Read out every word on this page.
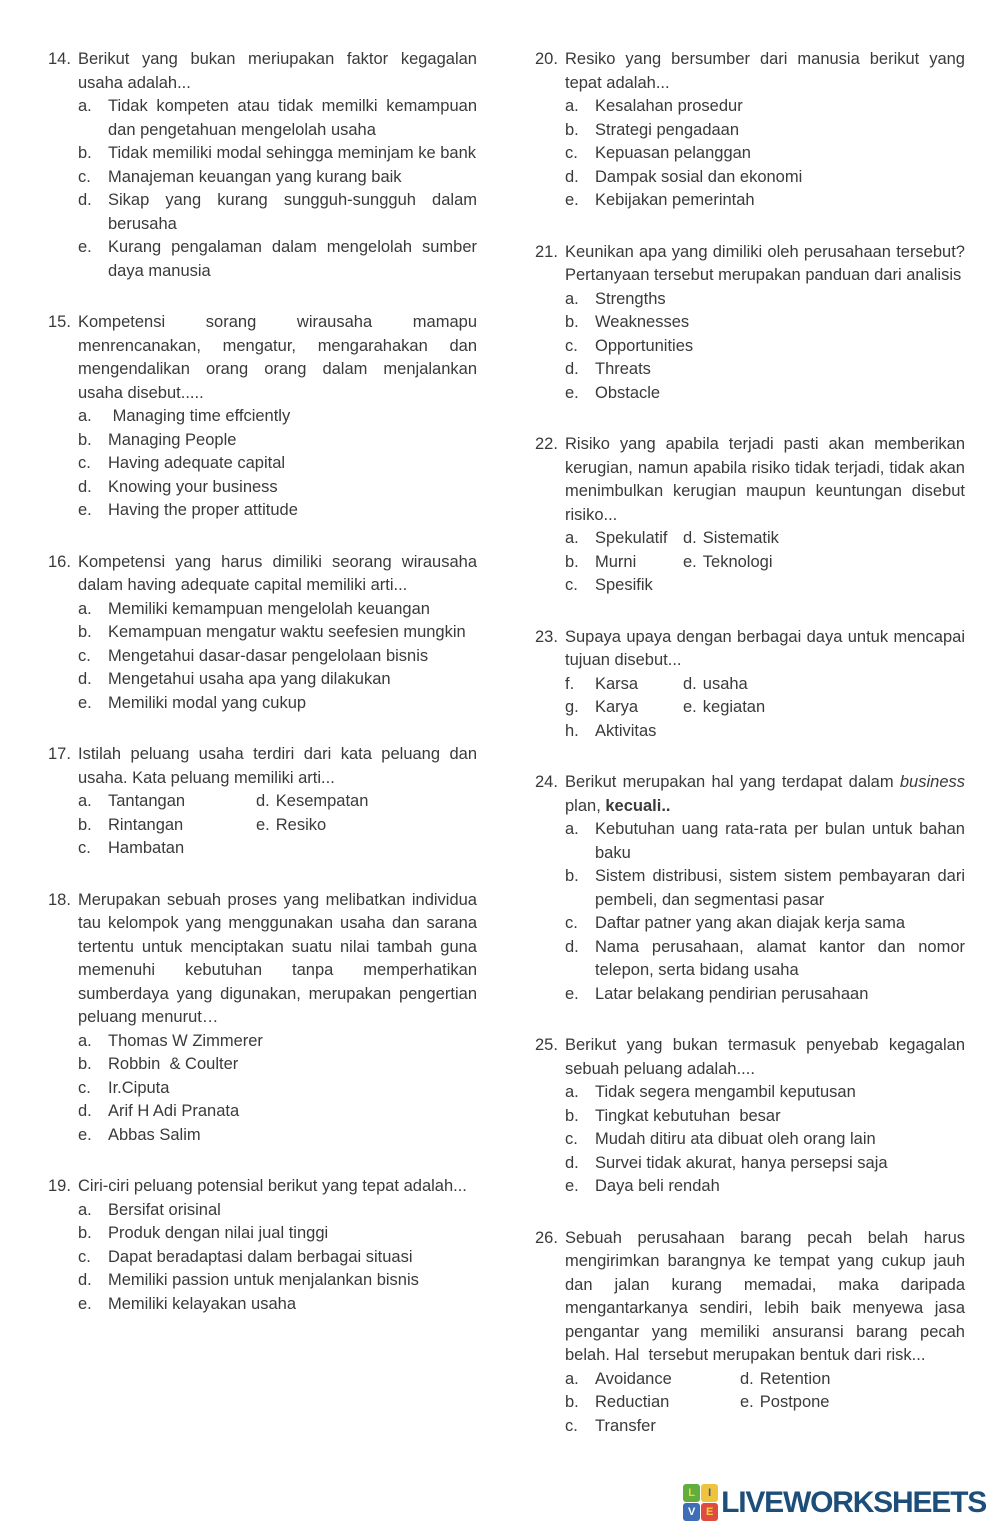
14. Berikut yang bukan meriupakan faktor kegagalan usaha adalah...
a. Tidak kompeten atau tidak memilki kemampuan dan pengetahuan mengelolah usaha
b. Tidak memiliki modal sehingga meminjam ke bank
c.	Manajeman keuangan yang kurang baik
d. Sikap yang kurang sungguh-sungguh dalam berusaha
e. Kurang pengalaman dalam mengelolah sumber daya manusia
15. Kompetensi sorang wirausaha mamapu menrencanakan, mengatur, mengarahakan dan mengendalikan orang orang dalam menjalankan usaha disebut.....
a. Managing time effciently
b. Managing People
c.	Having adequate capital
d. Knowing your business
e. Having the proper attitude
16. Kompetensi yang harus dimiliki seorang wirausaha dalam having adequate capital memiliki arti...
a. Memiliki kemampuan mengelolah keuangan
b. Kemampuan mengatur waktu seefesien mungkin
c.	Mengetahui dasar-dasar pengelolaan bisnis
d. Mengetahui usaha apa yang dilakukan
e. Memiliki modal yang cukup
17. Istilah peluang usaha terdiri dari kata peluang dan usaha. Kata peluang memiliki arti...
a. Tantangan	d. Kesempatan
b. Rintangan	e. Resiko
c.	Hambatan
18. Merupakan sebuah proses yang melibatkan individua tau kelompok yang menggunakan usaha dan sarana tertentu untuk menciptakan suatu nilai tambah guna memenuhi kebutuhan tanpa memperhatikan sumberdaya yang digunakan, merupakan pengertian peluang menurut…
a. Thomas W Zimmerer
b. Robbin  & Coulter
c.	Ir.Ciputa
d. Arif H Adi Pranata
e. Abbas Salim
19. Ciri-ciri peluang potensial berikut yang tepat adalah...
a. Bersifat orisinal
b. Produk dengan nilai jual tinggi
c.	Dapat beradaptasi dalam berbagai situasi
d. Memiliki passion untuk menjalankan bisnis
e. Memiliki kelayakan usaha
20. Resiko yang bersumber dari manusia berikut yang tepat adalah...
a. Kesalahan prosedur
b. Strategi pengadaan
c.	Kepuasan pelanggan
d. Dampak sosial dan ekonomi
e. Kebijakan pemerintah
21. Keunikan apa yang dimiliki oleh perusahaan tersebut? Pertanyaan tersebut merupakan panduan dari analisis
a. Strengths
b. Weaknesses
c.	Opportunities
d. Threats
e. Obstacle
22. Risiko yang apabila terjadi pasti akan memberikan kerugian, namun apabila risiko tidak terjadi, tidak akan menimbulkan kerugian maupun keuntungan disebut risiko...
a. Spekulatif d. Sistematik
b. Murni	e. Teknologi
c.	Spesifik
23. Supaya upaya dengan berbagai daya untuk mencapai tujuan disebut...
f.	Karsa	d. usaha
g. Karya	e. kegiatan
h. Aktivitas
24. Berikut merupakan hal yang terdapat dalam business plan, kecuali..
a. Kebutuhan uang rata-rata per bulan untuk bahan baku
b. Sistem distribusi, sistem sistem pembayaran dari pembeli, dan segmentasi pasar
c.	Daftar patner yang akan diajak kerja sama
d. Nama perusahaan, alamat kantor dan nomor telepon, serta bidang usaha
e. Latar belakang pendirian perusahaan
25. Berikut yang bukan termasuk penyebab kegagalan sebuah peluang adalah....
a. Tidak segera mengambil keputusan
b. Tingkat kebutuhan  besar
c.	Mudah ditiru ata dibuat oleh orang lain
d. Survei tidak akurat, hanya persepsi saja
e. Daya beli rendah
26. Sebuah perusahaan barang pecah belah harus mengirimkan barangnya ke tempat yang cukup jauh  dan jalan kurang memadai, maka daripada mengantarkanya sendiri, lebih baik menyewa jasa pengantar yang memiliki ansuransi barang pecah belah. Hal  tersebut merupakan bentuk dari risk...
a. Avoidance	d. Retention
b. Reductian	e. Postpone
c.	Transfer
L	I
V E LIVEWORKSHEETS
